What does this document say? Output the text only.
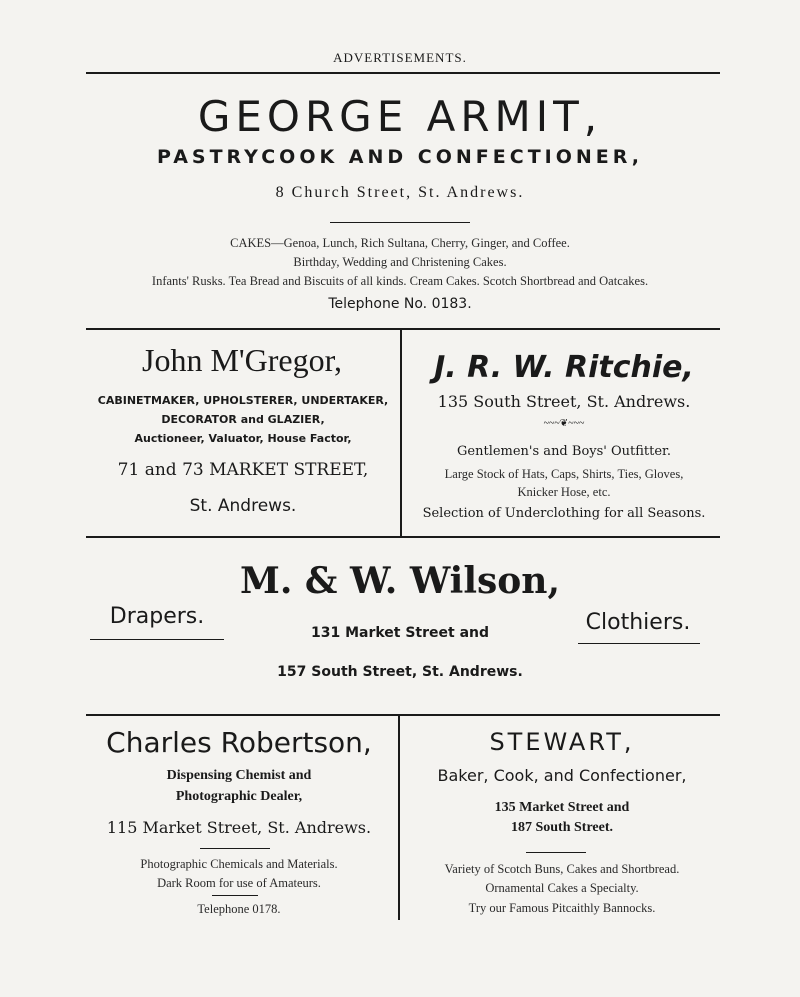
ADVERTISEMENTS.
GEORGE ARMIT,
PASTRYCOOK AND CONFECTIONER,
8 Church Street, St. Andrews.
CAKES—Genoa, Lunch, Rich Sultana, Cherry, Ginger, and Coffee.
Birthday, Wedding and Christening Cakes.
Infants' Rusks. Tea Bread and Biscuits of all kinds. Cream Cakes. Scotch Shortbread and Oatcakes.
Telephone No. 0183.
John M'Gregor,
CABINETMAKER, UPHOLSTERER, UNDERTAKER,
DECORATOR and GLAZIER,
Auctioneer, Valuator, House Factor,
71 and 73 MARKET STREET,
St. Andrews.
J. R. W. Ritchie,
135 South Street, St. Andrews.
~~~❦~~~
Gentlemen's and Boys' Outfitter.
Large Stock of Hats, Caps, Shirts, Ties, Gloves,
Knicker Hose, etc.
Selection of Underclothing for all Seasons.
M. & W. Wilson,
Drapers.	Clothiers.
131 Market Street and
157 South Street, St. Andrews.
Charles Robertson,
Dispensing Chemist and
Photographic Dealer,
115 Market Street, St. Andrews.
Photographic Chemicals and Materials.
Dark Room for use of Amateurs.
Telephone 0178.
STEWART,
Baker, Cook, and Confectioner,
135 Market Street and
187 South Street.
Variety of Scotch Buns, Cakes and Shortbread.
Ornamental Cakes a Specialty.
Try our Famous Pitcaithly Bannocks.
